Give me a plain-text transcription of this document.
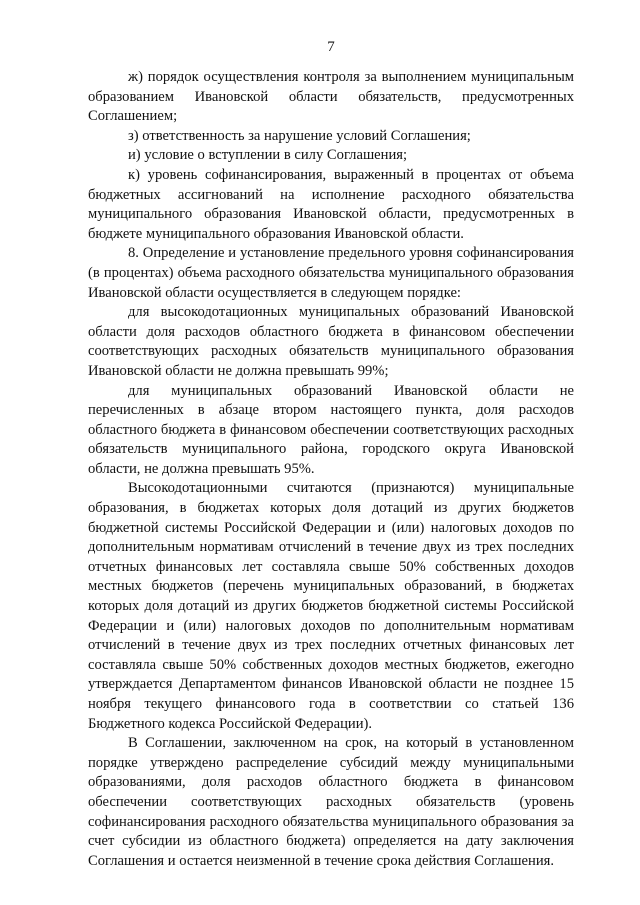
7

ж) порядок осуществления контроля за выполнением муниципальным образованием Ивановской области обязательств, предусмотренных Соглашением;

з) ответственность за нарушение условий Соглашения;

и) условие о вступлении в силу Соглашения;

к) уровень софинансирования, выраженный в процентах от объема бюджетных ассигнований на исполнение расходного обязательства муниципального образования Ивановской области, предусмотренных в бюджете муниципального образования Ивановской области.

8. Определение и установление предельного уровня софинансирования (в процентах) объема расходного обязательства муниципального образования Ивановской области осуществляется в следующем порядке:

для высокодотационных муниципальных образований Ивановской области доля расходов областного бюджета в финансовом обеспечении соответствующих расходных обязательств муниципального образования Ивановской области не должна превышать 99%;

для муниципальных образований Ивановской области не перечисленных в абзаце втором настоящего пункта, доля расходов областного бюджета в финансовом обеспечении соответствующих расходных обязательств муниципального района, городского округа Ивановской области, не должна превышать 95%.

Высокодотационными считаются (признаются) муниципальные образования, в бюджетах которых доля дотаций из других бюджетов бюджетной системы Российской Федерации и (или) налоговых доходов по дополнительным нормативам отчислений в течение двух из трех последних отчетных финансовых лет составляла свыше 50% собственных доходов местных бюджетов (перечень муниципальных образований, в бюджетах которых доля дотаций из других бюджетов бюджетной системы Российской Федерации и (или) налоговых доходов по дополнительным нормативам отчислений в течение двух из трех последних отчетных финансовых лет составляла свыше 50% собственных доходов местных бюджетов, ежегодно утверждается Департаментом финансов Ивановской области не позднее 15 ноября текущего финансового года в соответствии со статьей 136 Бюджетного кодекса Российской Федерации).

В Соглашении, заключенном на срок, на который в установленном порядке утверждено распределение субсидий между муниципальными образованиями, доля расходов областного бюджета в финансовом обеспечении соответствующих расходных обязательств (уровень софинансирования расходного обязательства муниципального образования за счет субсидии из областного бюджета) определяется на дату заключения Соглашения и остается неизменной в течение срока действия Соглашения.
